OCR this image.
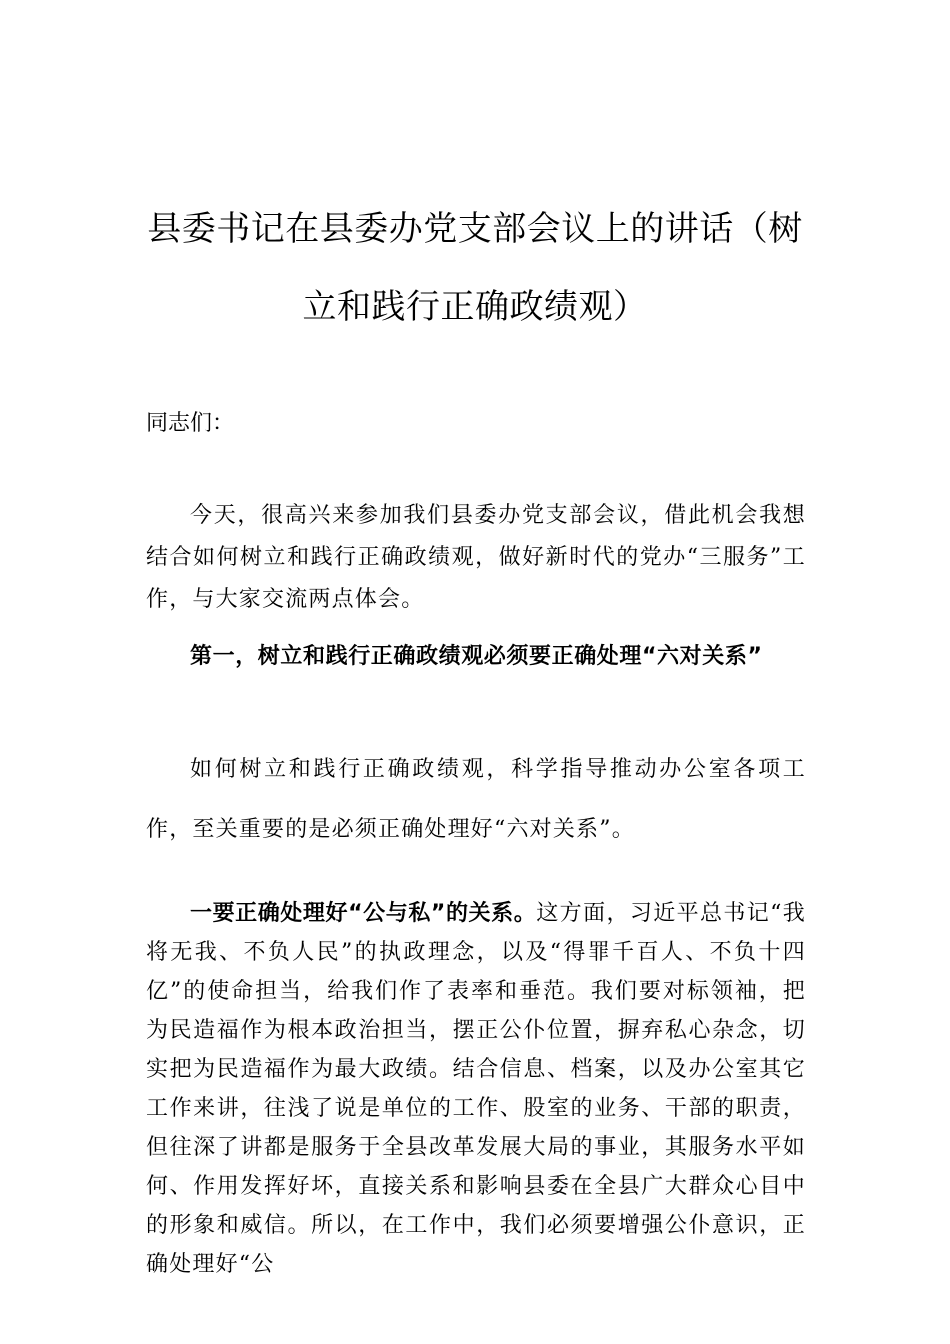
县委书记在县委办党支部会议上的讲话（树立和践行正确政绩观）
同志们：
今天，很高兴来参加我们县委办党支部会议，借此机会我想结合如何树立和践行正确政绩观，做好新时代的党办“三服务”工作，与大家交流两点体会。
第一，树立和践行正确政绩观必须要正确处理“六对关系”
如何树立和践行正确政绩观，科学指导推动办公室各项工作，至关重要的是必须正确处理好“六对关系”。
一要正确处理好“公与私”的关系。这方面，习近平总书记“我将无我、不负人民”的执政理念，以及“得罪千百人、不负十四亿”的使命担当，给我们作了表率和垂范。我们要对标领袖，把为民造福作为根本政治担当，摆正公仆位置，摒弃私心杂念，切实把为民造福作为最大政绩。结合信息、档案，以及办公室其它工作来讲，往浅了说是单位的工作、股室的业务、干部的职责，但往深了讲都是服务于全县改革发展大局的事业，其服务水平如何、作用发挥好坏，直接关系和影响县委在全县广大群众心目中的形象和威信。所以，在工作中，我们必须要增强公仆意识，正确处理好“公
